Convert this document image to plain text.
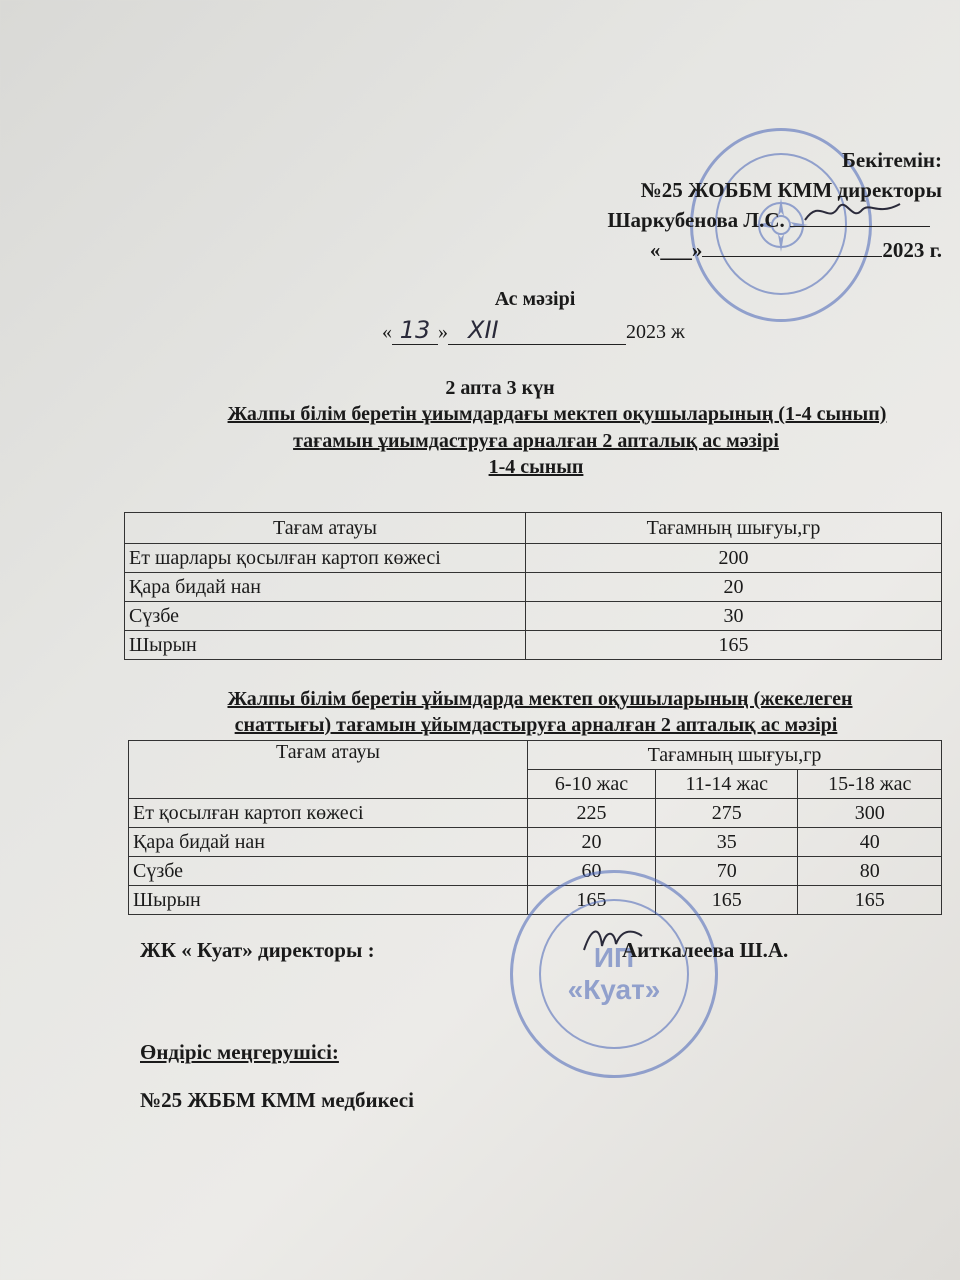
Бекітемін:
№25 ЖОББМ КММ директоры
Шаркубенова Л.С.
«___»	2023 г.
Ас мәзірі
« 13 » XII	2023 ж
2 апта 3 күн
Жалпы білім беретін ұиымдардағы мектеп оқушыларының (1-4 сынып)
тағамын ұиымдаструға арналған 2 апталық ас мәзірі
1-4 сынып
Тағам атауы	Тағамның шығуы,гр
Ет шарлары қосылған картоп көжесі	200
Қара бидай нан	20
Сүзбе	30
Шырын	165
Жалпы білім беретін ұйымдарда мектеп оқушыларының (жекелеген
снаттығы) тағамын ұйымдастыруға арналған 2 апталық ас мәзірі
Тағам атауы	Тағамның шығуы,гр		
	6-10 жас	11-14 жас	15-18 жас
Ет қосылған картоп көжесі	225	275	300
Қара бидай нан	20	35	40
Сүзбе	60	70	80
Шырын	165	165	165
ИП «Куат»
ЖК « Куат» директоры :	Аиткалеева Ш.А.
Өндіріс меңгерушісі:
№25 ЖББМ КММ медбикесі
